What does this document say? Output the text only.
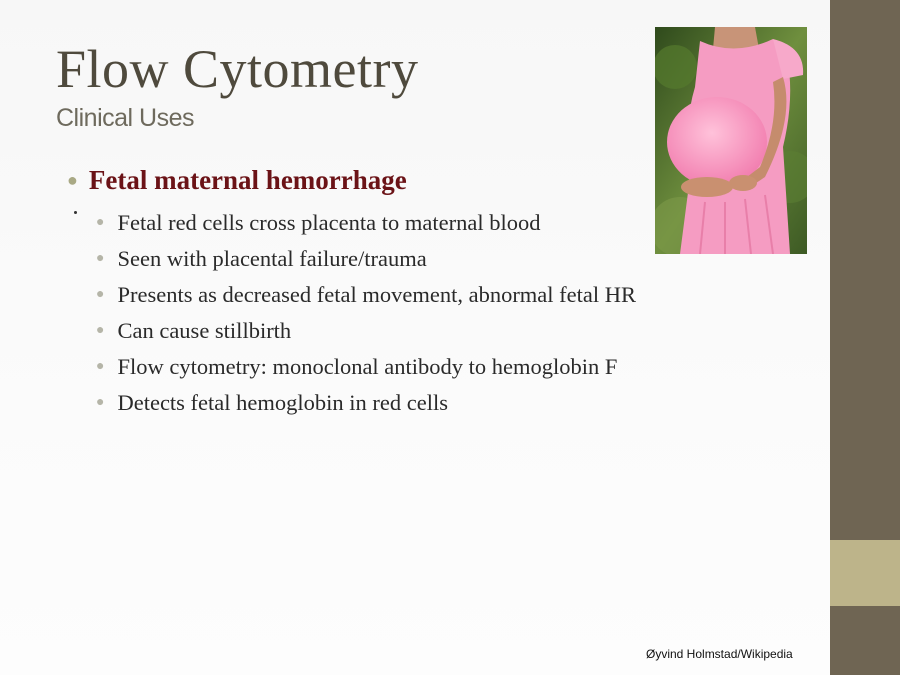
Flow Cytometry
Clinical Uses
● Fetal maternal hemorrhage
● Fetal red cells cross placenta to maternal blood
● Seen with placental failure/trauma
● Presents as decreased fetal movement, abnormal fetal HR
● Can cause stillbirth
● Flow cytometry: monoclonal antibody to hemoglobin F
● Detects fetal hemoglobin in red cells
Øyvind Holmstad/Wikipedia
